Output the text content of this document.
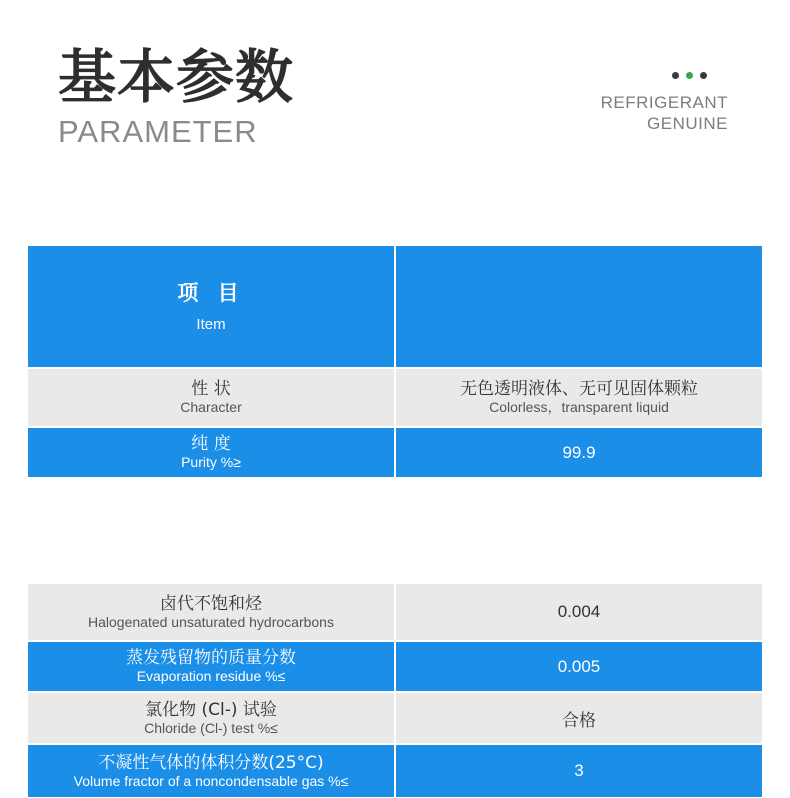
基本参数
PARAMETER
REFRIGERANT
GENUINE
项 目
Item
性 状
Character
无色透明液体、无可见固体颗粒
Colorless，transparent liquid
纯 度
Purity %≥
99.9
卤代不饱和烃
Halogenated unsaturated hydrocarbons
0.004
蒸发残留物的质量分数
Evaporation residue %≤
0.005
氯化物 (Cl-) 试验
Chloride (Cl-) test %≤	合格
不凝性气体的体积分数(25°C)
Volume fractor of a noncondensable gas %≤
3
